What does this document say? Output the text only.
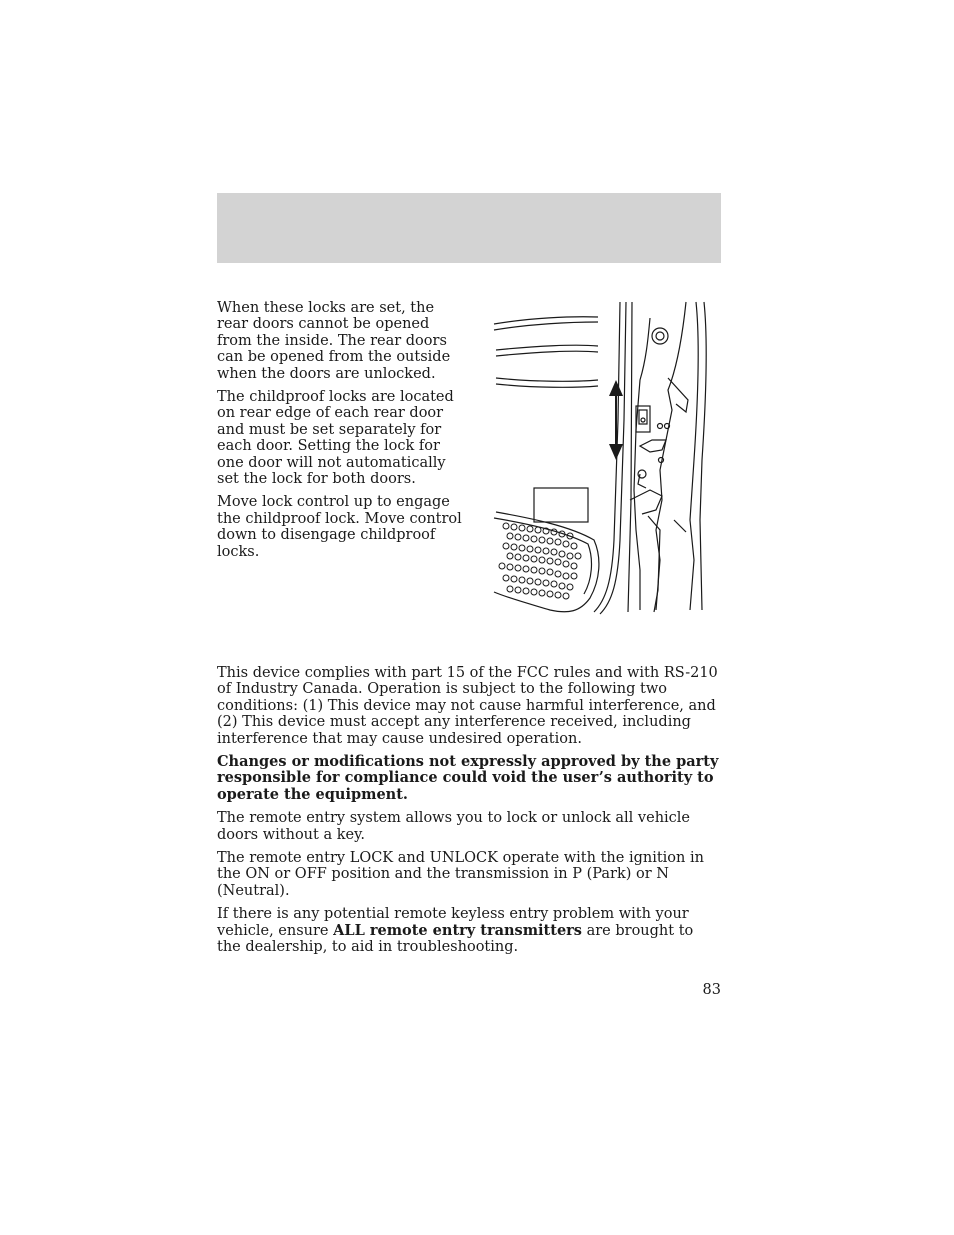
When these locks are set, the rear doors cannot be opened from the inside. The rear doors can be opened from the outside when the doors are unlocked.

The childproof locks are located on rear edge of each rear door and must be set separately for each door. Setting the lock for one door will not automatically set the lock for both doors.

Move lock control up to engage the childproof lock. Move control down to disengage childproof locks.

This device complies with part 15 of the FCC rules and with RS-210 of Industry Canada. Operation is subject to the following two conditions: (1) This device may not cause harmful interference, and (2) This device must accept any interference received, including interference that may cause undesired operation.

Changes or modifications not expressly approved by the party responsible for compliance could void the user’s authority to operate the equipment.

The remote entry system allows you to lock or unlock all vehicle doors without a key.

The remote entry LOCK and UNLOCK operate with the ignition in the ON or OFF position and the transmission in P (Park) or N (Neutral).

If there is any potential remote keyless entry problem with your vehicle, ensure ALL remote entry transmitters are brought to the dealership, to aid in troubleshooting.

83
